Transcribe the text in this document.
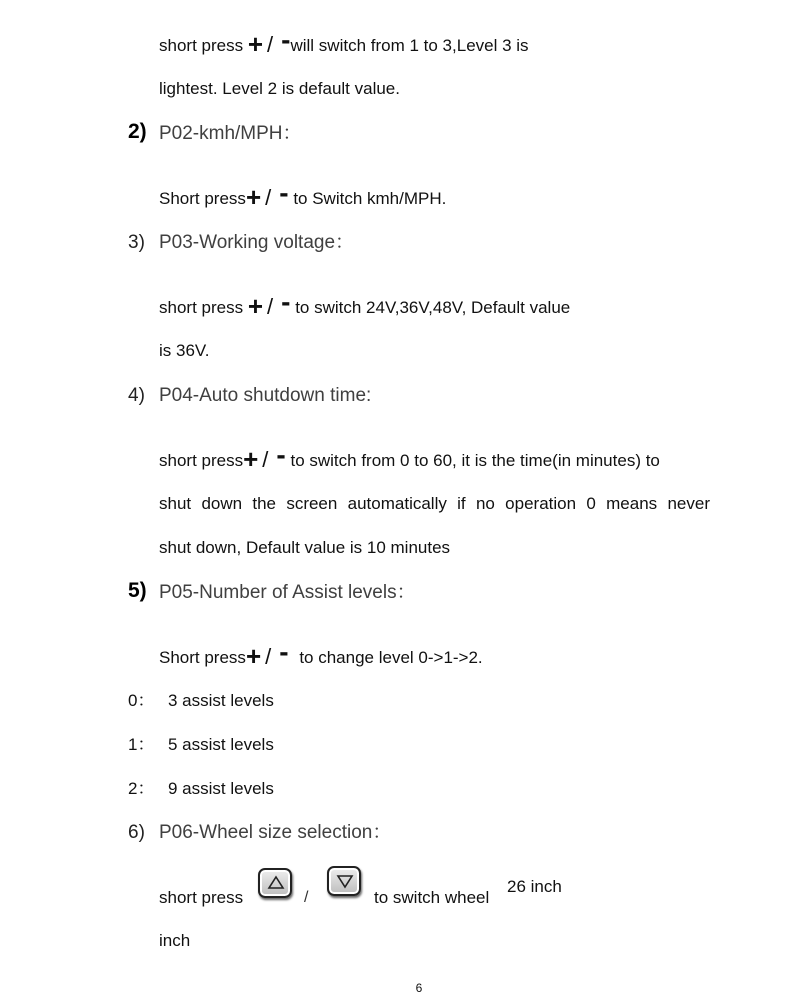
short press + / -will switch from 1 to 3,Level 3 is
lightest. Level 2 is default value.
2) P02-kmh/MPH：
Short press+ / - to Switch kmh/MPH.
3) P03-Working voltage：
short press + / - to switch 24V,36V,48V, Default value
is 36V.
4) P04-Auto shutdown time:
short press+ / - to switch from 0 to 60, it is the time(in minutes) to
shut down the screen automatically if no operation 0 means never
shut down, Default value is 10 minutes
5) P05-Number of Assist levels：
Short press+ / - to change level 0->1->2.
0： 3 assist levels
1： 5 assist levels
2： 9 assist levels
6) P06-Wheel size selection：
short press	/	to switch wheel
26 inch
inch
6
